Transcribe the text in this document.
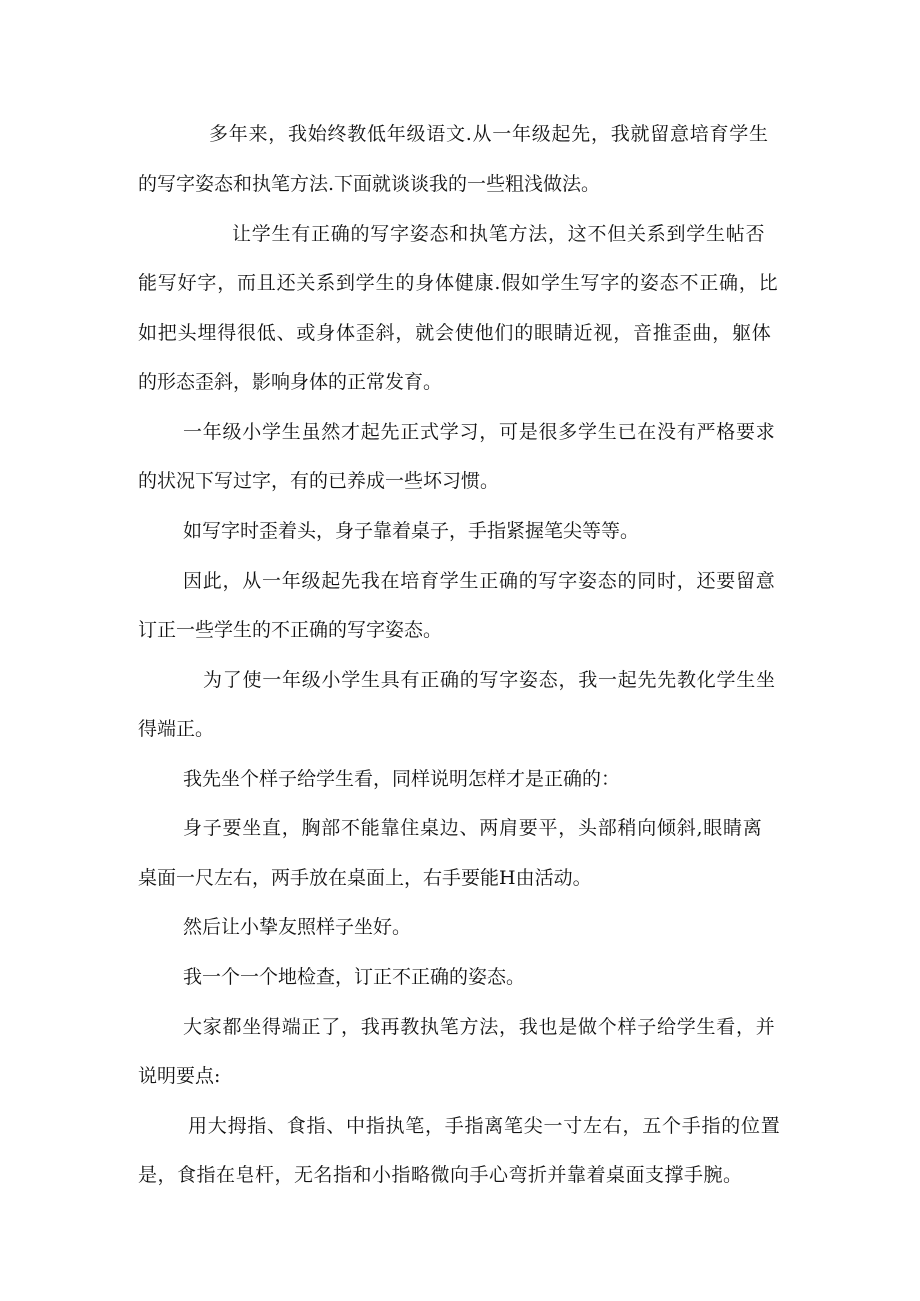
多年来，我始终教低年级语文.从一年级起先，我就留意培育学生

的写字姿态和执笔方法.下面就谈谈我的一些粗浅做法。

让学生有正确的写字姿态和执笔方法，这不但关系到学生帖否

能写好字，而且还关系到学生的身体健康.假如学生写字的姿态不正确，比

如把头埋得很低、或身体歪斜，就会使他们的眼睛近视，音推歪曲，躯体

的形态歪斜，影响身体的正常发育。

一年级小学生虽然才起先正式学习，可是很多学生已在没有严格要求

的状况下写过字，有的已养成一些坏习惯。

如写字时歪着头，身子靠着桌子，手指紧握笔尖等等。

因此，从一年级起先我在培育学生正确的写字姿态的同时，还要留意

订正一些学生的不正确的写字姿态。

为了使一年级小学生具有正确的写字姿态，我一起先先教化学生坐

得端正。

我先坐个样子给学生看，同样说明怎样才是正确的：

身子要坐直，胸部不能靠住桌边、两肩要平，头部稍向倾斜,眼睛离

桌面一尺左右，两手放在桌面上，右手要能H由活动。

然后让小挚友照样子坐好。

我一个一个地检查，订正不正确的姿态。

大家都坐得端正了，我再教执笔方法，我也是做个样子给学生看，并

说明要点:

用大拇指、食指、中指执笔，手指离笔尖一寸左右，五个手指的位置

是，食指在皂杆，无名指和小指略微向手心弯折并靠着桌面支撑手腕。
